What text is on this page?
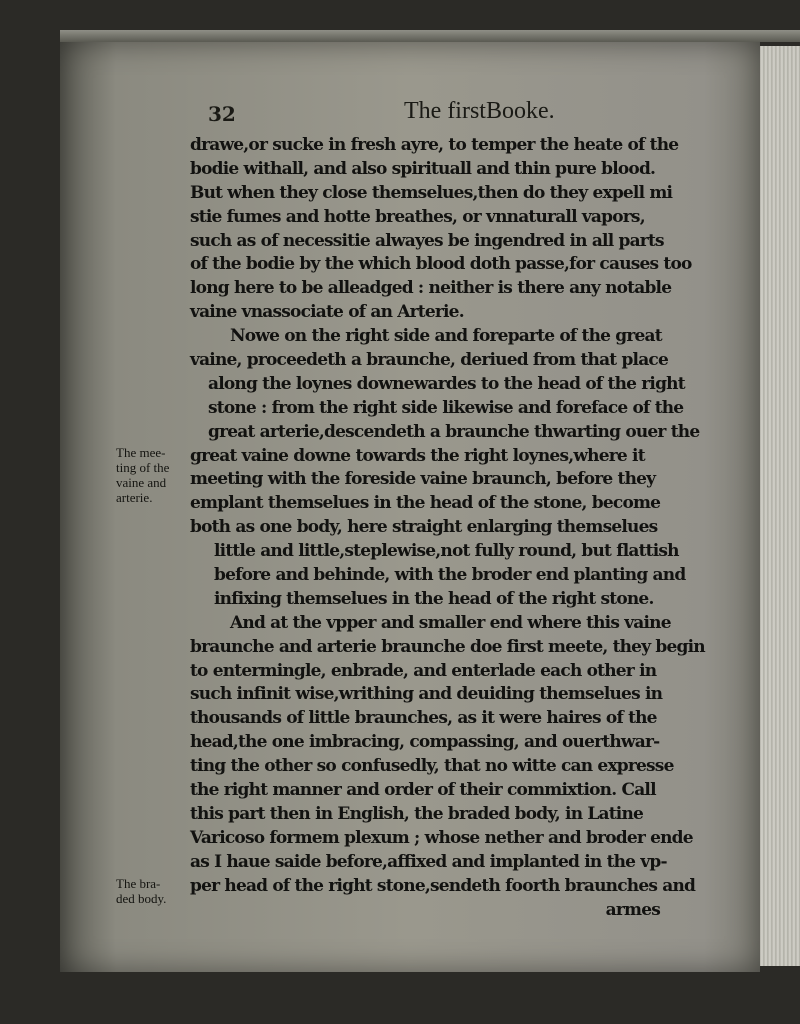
32	The firstBooke.
drawe,or sucke in fresh ayre, to temper the heate of the
bodie withall, and also spirituall and thin pure blood.
But when they close themselues,then do they expell mi
stie fumes and hotte breathes, or vnnaturall vapors,
such as of necessitie alwayes be ingendred in all parts
of the bodie by the which blood doth passe,for causes too
long here to be alleadged : neither is there any notable
vaine vnassociate of an Arterie.
Nowe on the right side and foreparte of the great
vaine, proceedeth a braunche, deriued from that place
along the loynes downewardes to the head of the right
stone : from the right side likewise and foreface of the
great arterie,descendeth a braunche thwarting ouer the
great vaine downe towards the right loynes,where it
meeting with the foreside vaine braunch, before they
emplant themselues in the head of the stone, become
both as one body, here straight enlarging themselues
little and little,steplewise,not fully round, but flattish
before and behinde, with the broder end planting and
infixing themselues in the head of the right stone.
And at the vpper and smaller end where this vaine
braunche and arterie braunche doe first meete, they begin
to entermingle, enbrade, and enterlade each other in
such infinit wise,writhing and deuiding themselues in
thousands of little braunches, as it were haires of the
head,the one imbracing, compassing, and ouerthwar-
ting the other so confusedly, that no witte can expresse
the right manner and order of their commixtion. Call
this part then in English, the braded body, in Latine
Varicoso formem plexum ; whose nether and broder ende
as I haue saide before,affixed and implanted in the vp-
per head of the right stone,sendeth foorth braunches and
armes
The mee-
ting of the
vaine and
arterie.
The bra-
ded body.
